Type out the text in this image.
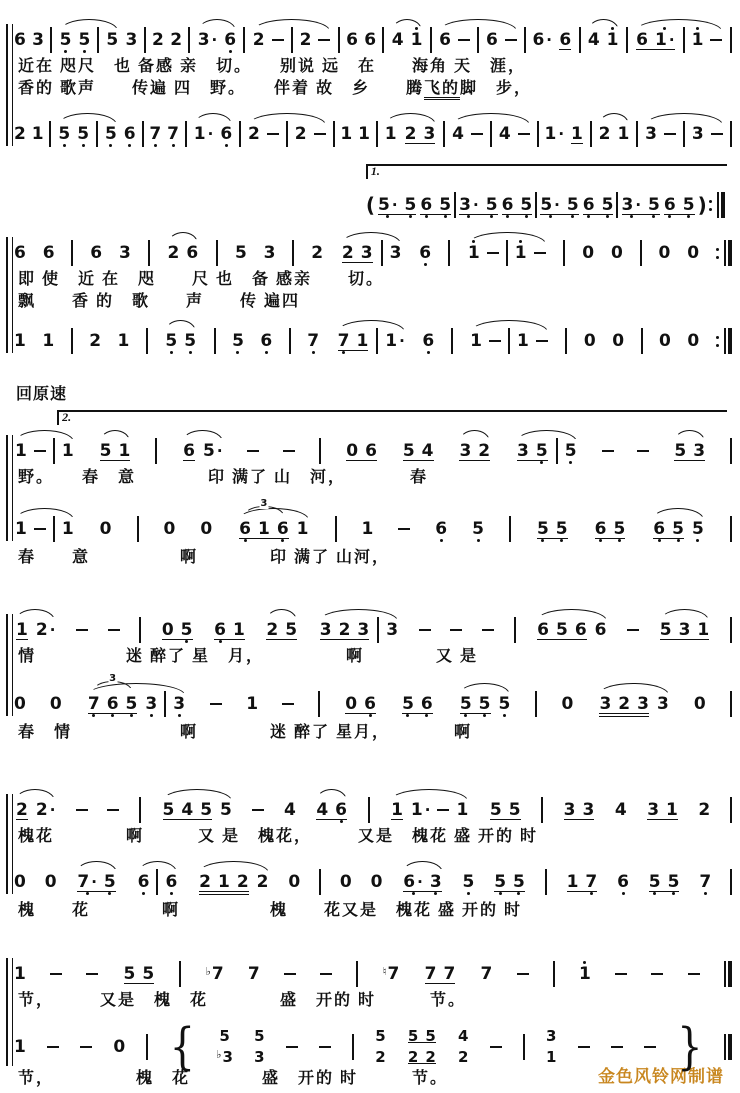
金色风铃网制谱
6 3 5 5 5 3 2 2 3 · 6 2 2 6 6 4 1 6 6 6 · 6 4 1 6 1 · 1
近在 咫尺　也 备感 亲　切。　　别说 远　在　　海角 天　涯，
香的 歌声　　传遍 四　野。　　伴着 故　乡　　腾飞的脚　步，
2 1 5 5 5 6 7 7 1 · 6 2 2 1 1 1 2 3 4 4 1 · 1 2 1 3 3
1.
( 5 · 5 6 5 3 · 5 6 5 5 · 5 6 5 3 · 5 6 5 )
6 6 6 3 2 6 5 3 2 2 3 3 6 1 1	0 0 0 0
即 使　近 在　咫　　尺 也　备 感亲　　切。
飘　　香 的　歌　　声　　传 遍四
1 1 2 1 5 5 5 6 7 7 1 1 · 6 1 1	0 0 0 0
回原速
2.
1 1 5 1	6 5 ·	0 6 5 4 3 2 3 5 5	5 3
野。　　春　意　　　　印 满了 山　河，　　　　春
1 1 0	0 0
3
6 1 6 1	1	6 5	5 5 6 5 6 5 5
春　　意　　　　　啊　　　　印 满了 山河，
1 2 ·	0 5 6 1 2 5 3 2 3 3	6 5 6 6	5 3 1
情　　　　　迷 醉了 星　月，　　　　　啊　　　　又 是
0 0
3
7 6 5 3 3	1	0 6 5 6 5 5 5	0 3 2 3 3 0
春　情　　　　　　啊　　　　迷 醉了 星月，　　　　啊
2 2 ·	5 4 5 5	4 4 6	1 1 · 1 5 5	3 3 4 3 1 2
槐花　　　　啊　　　又 是　槐花，　　　又是　槐花 盛 开的 时
0 0 7 · 5 6 6 2 1 2 2 0 0 0 6 · 3 5 5 5 1 7 6 5 5 7
槐　　花　　　　啊　　　　　槐　　花又是　槐花 盛 开的 时
1	5 5	♭ 7 7	♮ 7 7 7 7	1
节，　　　又是　槐　花　　　　盛　开的 时　　　节。
1	0 { 5
♭ 3
5
3
5
2
5 5
2 2
4
2
3
1	}
节，　　　　　槐　花　　　　盛　开的 时　　　节。
